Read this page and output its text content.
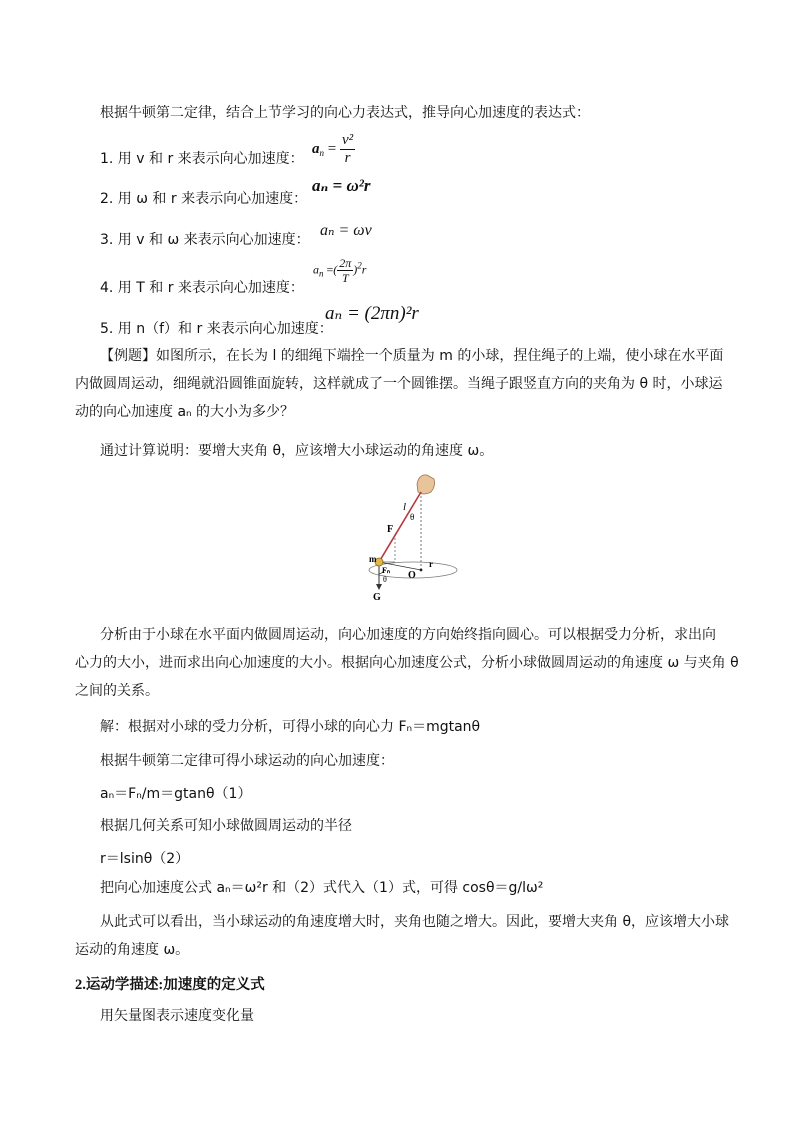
根据牛顿第二定律，结合上节学习的向心力表达式，推导向心加速度的表达式：
1. 用 v 和 r 来表示向心加速度：
$a_n = \frac{\text{v²}}{r}$
2. 用 ω 和 r 来表示向心加速度：
aₙ = ω²r
3. 用 v 和 ω 来表示向心加速度：
aₙ = ωv
4. 用 T 和 r 来表示向心加速度：
$a_n$ =( $\frac{2\pi}{T} )^2r$
5. 用 n（f）和 r 来表示向心加速度：
aₙ = (2πn)²r
【例题】如图所示，在长为 l 的细绳下端拴一个质量为 m 的小球，捏住绳子的上端，使小球在水平面
内做圆周运动，细绳就沿圆锥面旋转，这样就成了一个圆锥摆。当绳子跟竖直方向的夹角为 θ 时，小球运
动的向心加速度 aₙ 的大小为多少？
通过计算说明：要增大夹角 θ，应该增大小球运动的角速度 ω。
l
θ
F
m
Fₙ
θ O
r
G
分析由于小球在水平面内做圆周运动，向心加速度的方向始终指向圆心。可以根据受力分析，求出向
心力的大小，进而求出向心加速度的大小。根据向心加速度公式，分析小球做圆周运动的角速度 ω 与夹角 θ
之间的关系。
解：根据对小球的受力分析，可得小球的向心力 Fₙ＝mgtanθ
根据牛顿第二定律可得小球运动的向心加速度：
aₙ＝Fₙ/m＝gtanθ（1）
根据几何关系可知小球做圆周运动的半径
r＝lsinθ（2）
把向心加速度公式 aₙ＝ω²r 和（2）式代入（1）式，可得 cosθ＝g/lω²
从此式可以看出，当小球运动的角速度增大时，夹角也随之增大。因此，要增大夹角 θ，应该增大小球
运动的角速度 ω。
2.运动学描述:加速度的定义式
用矢量图表示速度变化量
